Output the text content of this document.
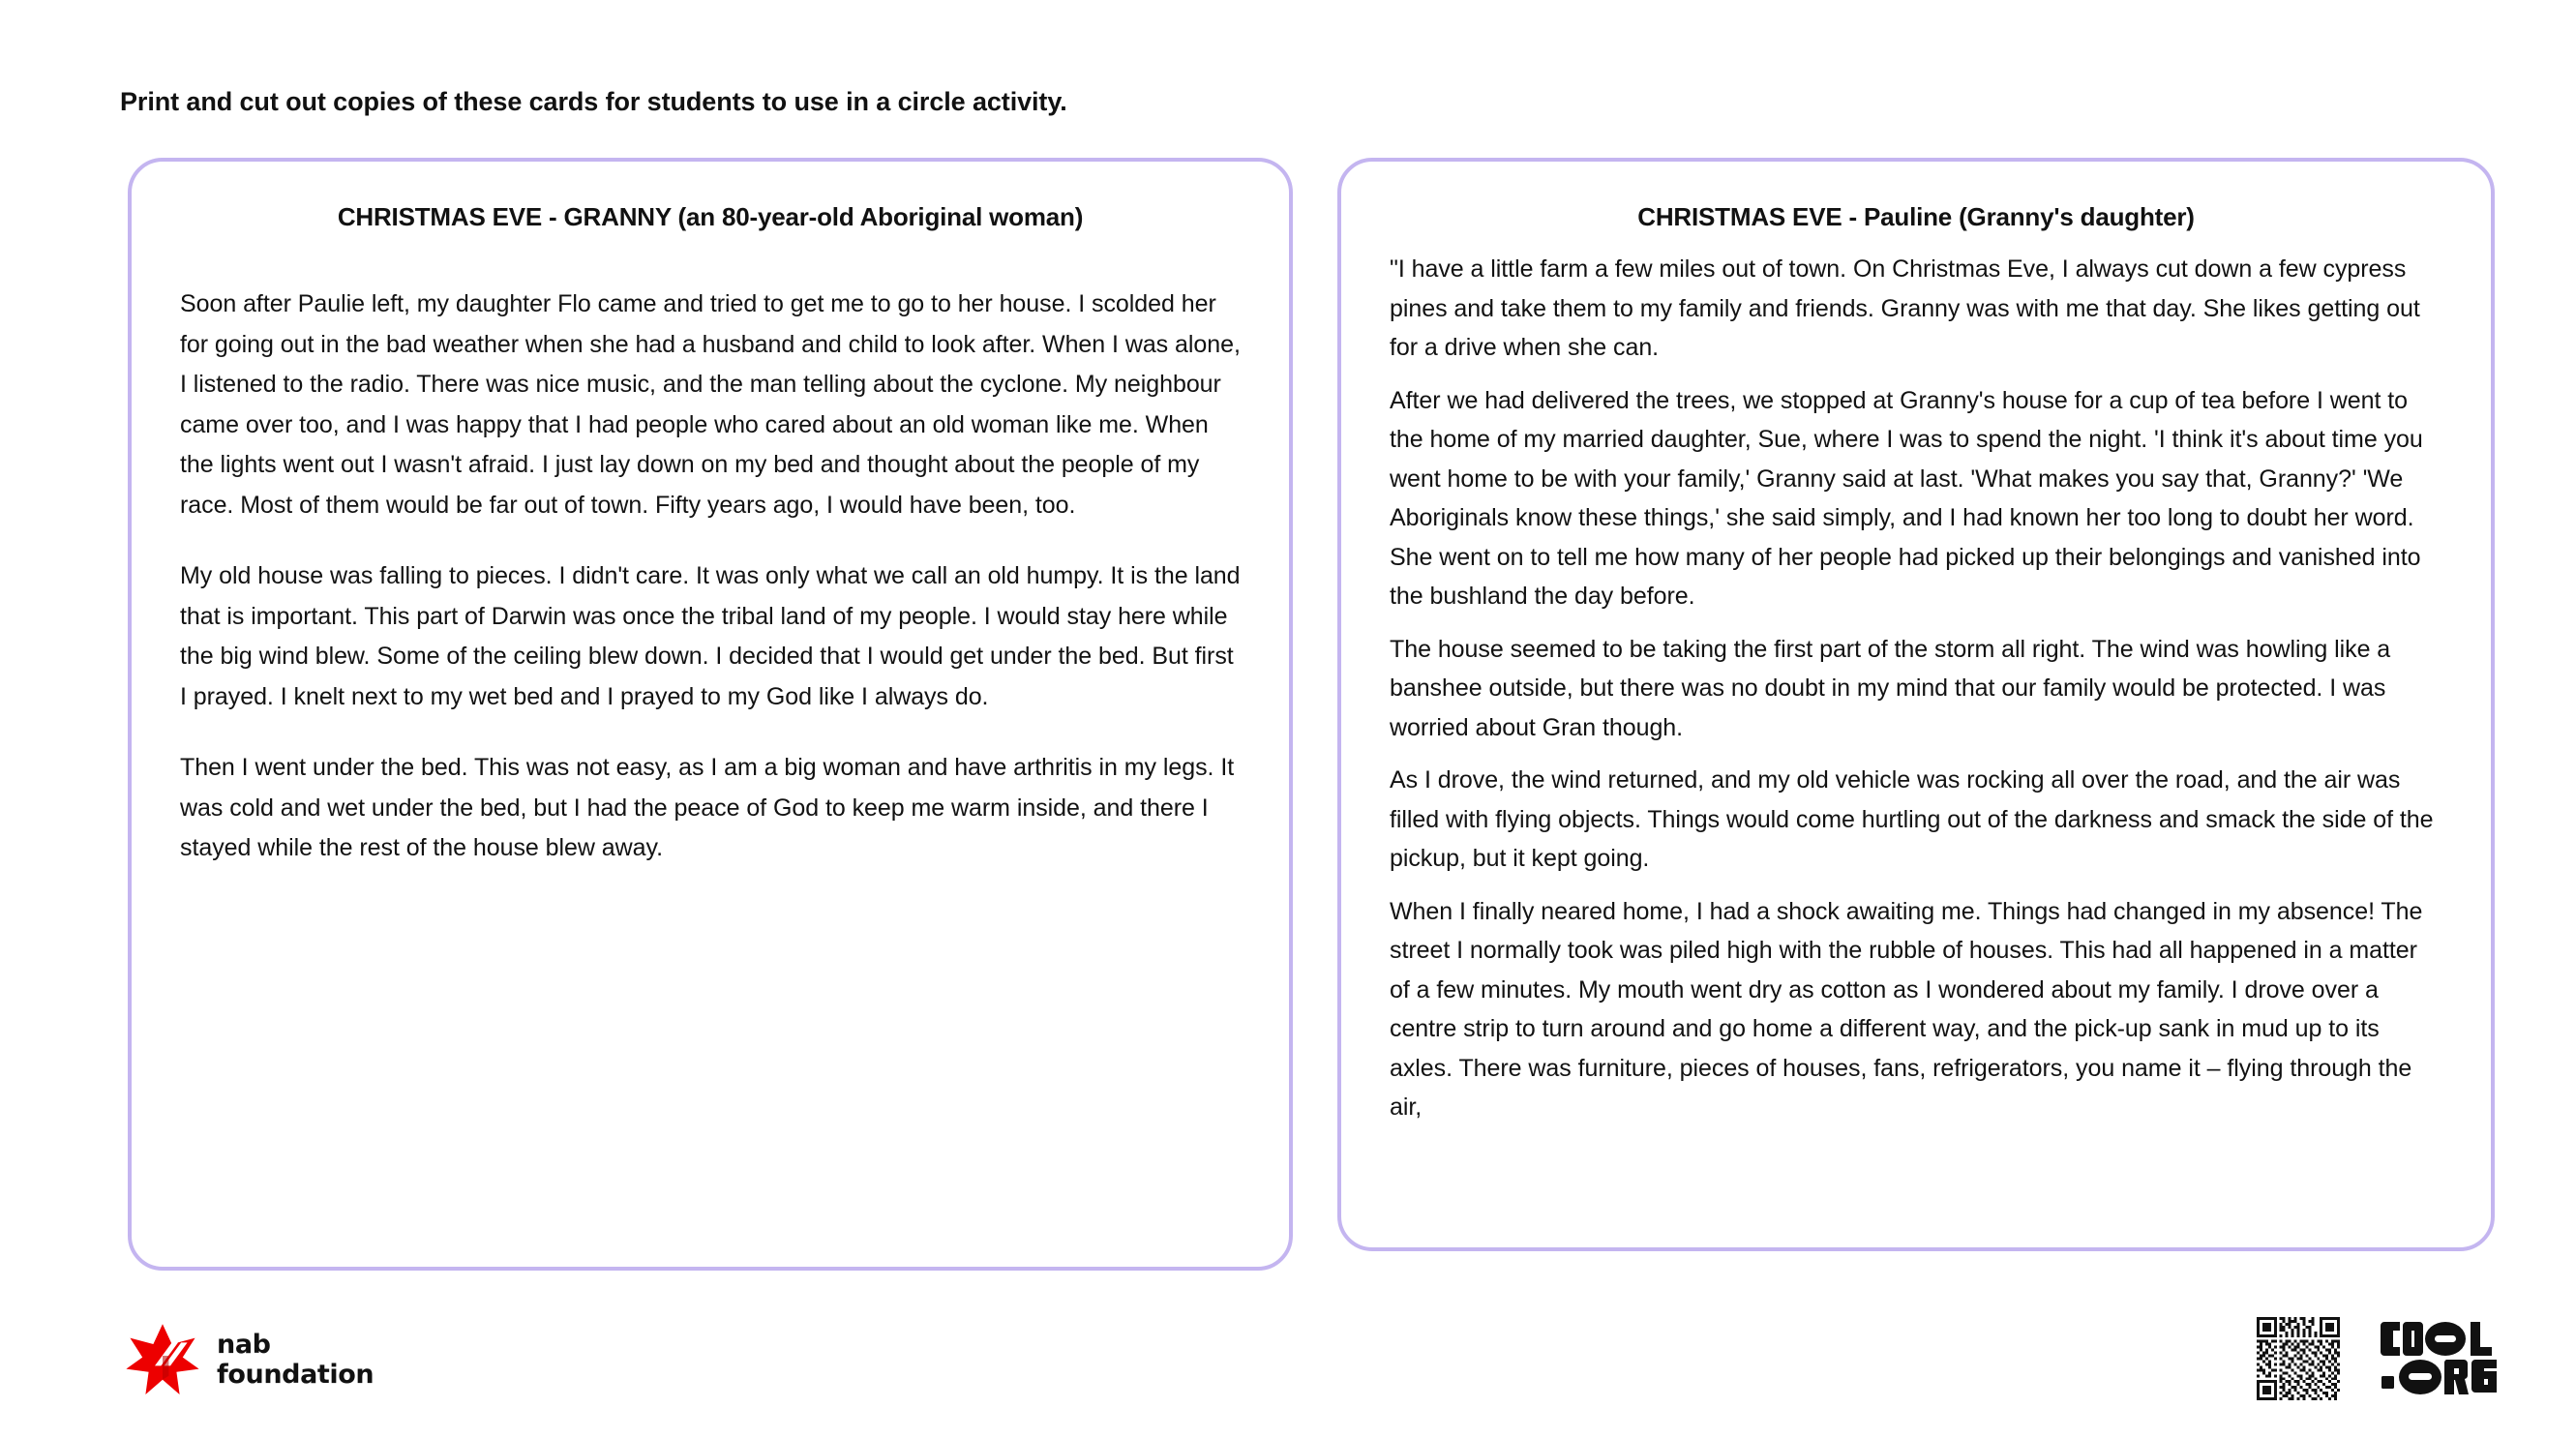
Print and cut out copies of these cards for students to use in a circle activity.
CHRISTMAS EVE - GRANNY (an 80-year-old Aboriginal woman)

Soon after Paulie left, my daughter Flo came and tried to get me to go to her house. I scolded her for going out in the bad weather when she had a husband and child to look after. When I was alone, I listened to the radio. There was nice music, and the man telling about the cyclone. My neighbour came over too, and I was happy that I had people who cared about an old woman like me. When the lights went out I wasn't afraid. I just lay down on my bed and thought about the people of my race. Most of them would be far out of town. Fifty years ago, I would have been, too.

My old house was falling to pieces. I didn't care. It was only what we call an old humpy. It is the land that is important. This part of Darwin was once the tribal land of my people. I would stay here while the big wind blew. Some of the ceiling blew down. I decided that I would get under the bed. But first I prayed. I knelt next to my wet bed and I prayed to my God like I always do.

Then I went under the bed. This was not easy, as I am a big woman and have arthritis in my legs. It was cold and wet under the bed, but I had the peace of God to keep me warm inside, and there I stayed while the rest of the house blew away.

CHRISTMAS EVE - Pauline (Granny's daughter)

"I have a little farm a few miles out of town. On Christmas Eve, I always cut down a few cypress pines and take them to my family and friends. Granny was with me that day. She likes getting out for a drive when she can.

After we had delivered the trees, we stopped at Granny's house for a cup of tea before I went to the home of my married daughter, Sue, where I was to spend the night. 'I think it's about time you went home to be with your family,' Granny said at last. 'What makes you say that, Granny?' 'We Aboriginals know these things,' she said simply, and I had known her too long to doubt her word. She went on to tell me how many of her people had picked up their belongings and vanished into the bushland the day before.

The house seemed to be taking the first part of the storm all right. The wind was howling like a banshee outside, but there was no doubt in my mind that our family would be protected. I was worried about Gran though.

As I drove, the wind returned, and my old vehicle was rocking all over the road, and the air was filled with flying objects. Things would come hurtling out of the darkness and smack the side of the pickup, but it kept going.

When I finally neared home, I had a shock awaiting me. Things had changed in my absence! The street I normally took was piled high with the rubble of houses. This had all happened in a matter of a few minutes. My mouth went dry as cotton as I wondered about my family. I drove over a centre strip to turn around and go home a different way, and the pick-up sank in mud up to its axles. There was furniture, pieces of houses, fans, refrigerators, you name it – flying through the air,

nab
foundation
